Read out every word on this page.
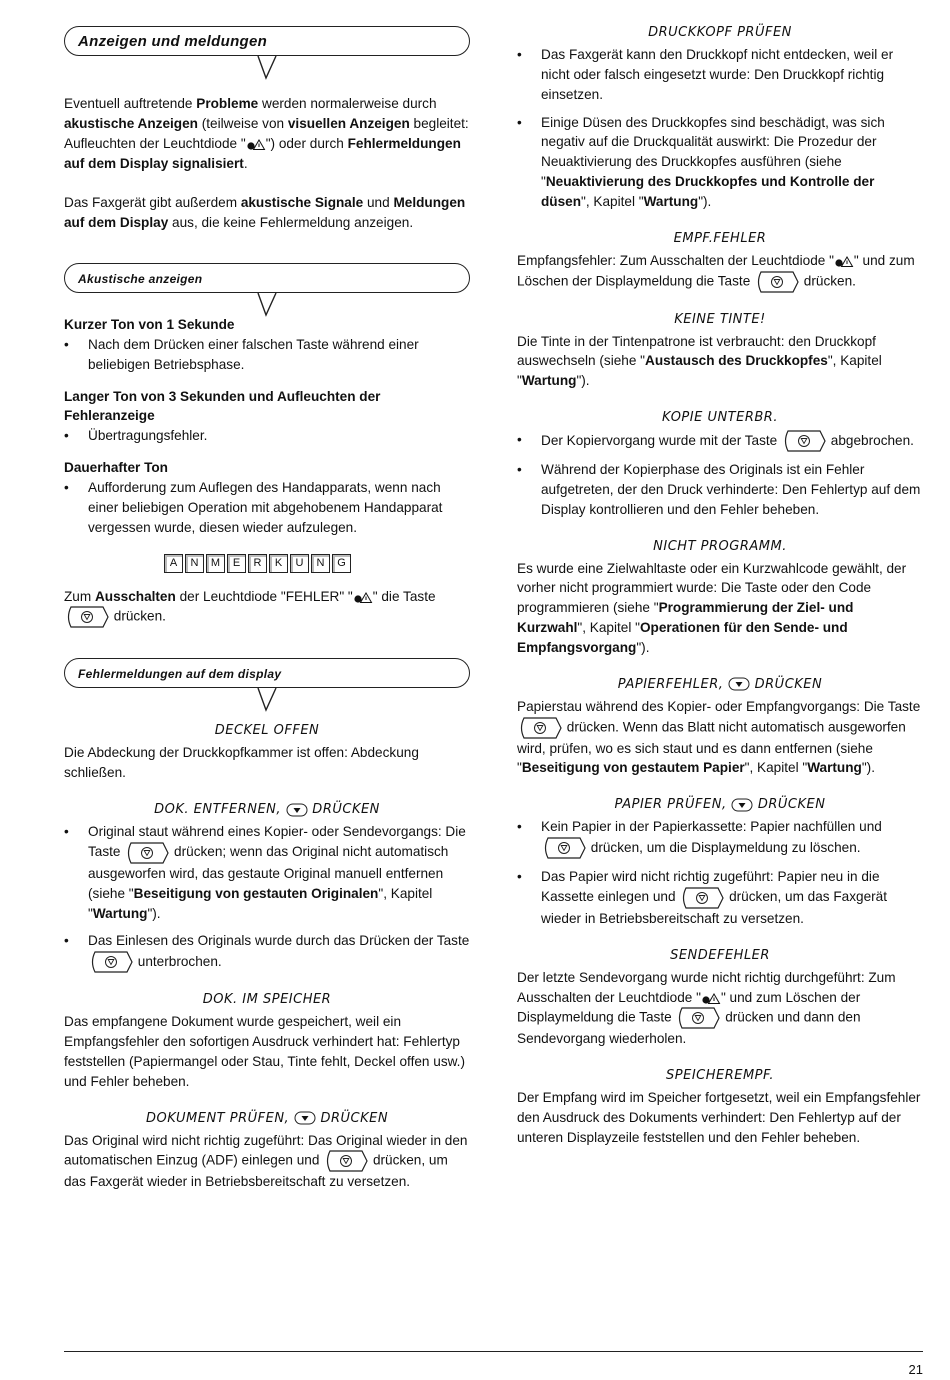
Anzeigen und meldungen

Eventuell auftretende Probleme werden normalerweise durch akustische Anzeigen (teilweise von visuellen Anzeigen begleitet: Aufleuchten der Leuchtdiode " ") oder durch Fehlermeldungen auf dem Display signalisiert.

Das Faxgerät gibt außerdem akustische Signale und Meldungen auf dem Display aus, die keine Fehlermeldung anzeigen.

Akustische anzeigen

Kurzer Ton von 1 Sekunde

• Nach dem Drücken einer falschen Taste während einer beliebigen Betriebsphase.

Langer Ton von 3 Sekunden und Aufleuchten der Fehleranzeige

• Übertragungsfehler.

Dauerhafter Ton

• Aufforderung zum Auflegen des Handapparats, wenn nach einer beliebigen Operation mit abgehobenem Handapparat vergessen wurde, diesen wieder aufzulegen.
A	N	M	E	R	K	U	N	G

Zum Ausschalten der Leuchtdiode "FEHLER" " " die Taste
drücken.

Fehlermeldungen auf dem display
DECKEL OFFEN

Die Abdeckung der Druckkopfkammer ist offen: Abdeckung schließen.

DOK. ENTFERNEN,  DRÜCKEN
• Original staut während eines Kopier- oder Sendevorgangs: Die Taste	drücken; wenn das Original nicht automatisch ausgeworfen wird, das gestaute Original manuell entfernen (siehe "Beseitigung von gestauten Originalen", Kapitel "Wartung").
• Das Einlesen des Originals wurde durch das Drücken der Taste
unterbrochen.
DOK. IM SPEICHER

Das empfangene Dokument wurde gespeichert, weil ein Empfangsfehler den sofortigen Ausdruck verhindert hat: Fehlertyp feststellen (Papiermangel oder Stau, Tinte fehlt, Deckel offen usw.) und Fehler beheben.

DOKUMENT PRÜFEN,  DRÜCKEN

Das Original wird nicht richtig zugeführt: Das Original wieder in den automatischen Einzug (ADF) einlegen und	drücken, um das Faxgerät wieder in Betriebsbereitschaft zu versetzen.

DRUCKKOPF PRÜFEN
• Das Faxgerät kann den Druckkopf nicht entdecken, weil er nicht oder falsch eingesetzt wurde: Den Druckkopf richtig einsetzen.
• Einige Düsen des Druckkopfes sind beschädigt, was sich negativ auf die Druckqualität auswirkt: Die Prozedur der Neuaktivierung des Druckkopfes ausführen (siehe "Neuaktivierung des Druckkopfes und Kontrolle der düsen", Kapitel "Wartung").
EMPF.FEHLER

Empfangsfehler: Zum Ausschalten der Leuchtdiode " " und zum Löschen der Displaymeldung die Taste	drücken.

KEINE TINTE!

Die Tinte in der Tintenpatrone ist verbraucht: den Druckkopf auswechseln (siehe "Austausch des Druckkopfes", Kapitel "Wartung").

KOPIE UNTERBR.
• Der Kopiervorgang wurde mit der Taste	abgebrochen.
• Während der Kopierphase des Originals ist ein Fehler aufgetreten, der den Druck verhinderte: Den Fehlertyp auf dem Display kontrollieren und den Fehler beheben.
NICHT PROGRAMM.

Es wurde eine Zielwahltaste oder ein Kurzwahlcode gewählt, der vorher nicht programmiert wurde: Die Taste oder den Code programmieren (siehe "Programmierung der Ziel- und Kurzwahl", Kapitel "Operationen für den Sende- und Empfangsvorgang").

PAPIERFEHLER,  DRÜCKEN

Papierstau während des Kopier- oder Empfangvorgangs: Die Taste
drücken. Wenn das Blatt nicht automatisch ausgeworfen wird, prüfen, wo es sich staut und es dann entfernen (siehe "Beseitigung von gestautem Papier", Kapitel "Wartung").

PAPIER PRÜFEN,  DRÜCKEN
• Kein Papier in der Papierkassette: Papier nachfüllen und
drücken, um die Displaymeldung zu löschen.
• Das Papier wird nicht richtig zugeführt: Papier neu in die Kassette einlegen und	drücken, um das Faxgerät wieder in Betriebsbereitschaft zu versetzen.
SENDEFEHLER

Der letzte Sendevorgang wurde nicht richtig durchgeführt: Zum Ausschalten der Leuchtdiode " " und zum Löschen der Displaymeldung die Taste	drücken und dann den Sendevorgang wiederholen.

SPEICHEREMPF.

Der Empfang wird im Speicher fortgesetzt, weil ein Empfangsfehler den Ausdruck des Dokuments verhindert: Den Fehlertyp auf der unteren Displayzeile feststellen und den Fehler beheben.

21
